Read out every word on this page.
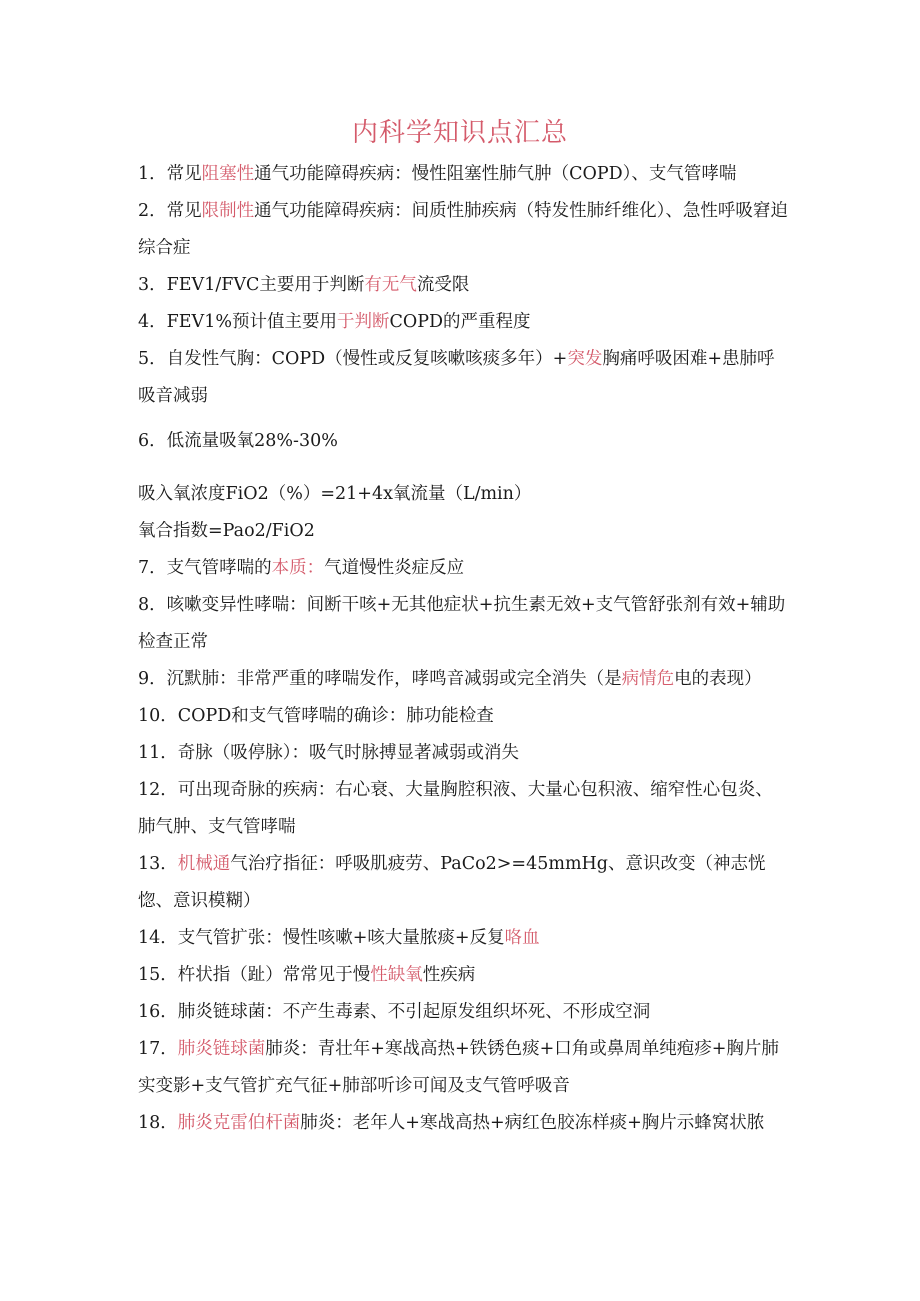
内科学知识点汇总

1．常见阻塞性通气功能障碍疾病：慢性阻塞性肺气肿（COPD）、支气管哮喘

2．常见限制性通气功能障碍疾病：间质性肺疾病（特发性肺纤维化）、急性呼吸窘迫综合症

3．FEV1/FVC主要用于判断有无气流受限

4．FEV1%预计值主要用于判断COPD的严重程度

5．自发性气胸：COPD（慢性或反复咳嗽咳痰多年）+突发胸痛呼吸困难+患肺呼吸音减弱

6．低流量吸氧28%-30%

吸入氧浓度FiO2（%）=21+4x氧流量（L/min）

氧合指数=Pao2/FiO2

7．支气管哮喘的本质：气道慢性炎症反应

8．咳嗽变异性哮喘：间断干咳+无其他症状+抗生素无效+支气管舒张剂有效+辅助检查正常

9．沉默肺：非常严重的哮喘发作，哮鸣音减弱或完全消失（是病情危电的表现）

10．COPD和支气管哮喘的确诊：肺功能检查

11．奇脉（吸停脉）：吸气时脉搏显著减弱或消失

12．可出现奇脉的疾病：右心衰、大量胸腔积液、大量心包积液、缩窄性心包炎、肺气肿、支气管哮喘

13．机械通气治疗指征：呼吸肌疲劳、PaCo2>=45mmHg、意识改变（神志恍惚、意识模糊）

14．支气管扩张：慢性咳嗽+咳大量脓痰+反复咯血

15．杵状指（趾）常常见于慢性缺氧性疾病

16．肺炎链球菌：不产生毒素、不引起原发组织坏死、不形成空洞

17．肺炎链球菌肺炎：青壮年+寒战高热+铁锈色痰+口角或鼻周单纯疱疹+胸片肺实变影+支气管扩充气征+肺部听诊可闻及支气管呼吸音

18．肺炎克雷伯杆菌肺炎：老年人+寒战高热+病红色胶冻样痰+胸片示蜂窝状脓
